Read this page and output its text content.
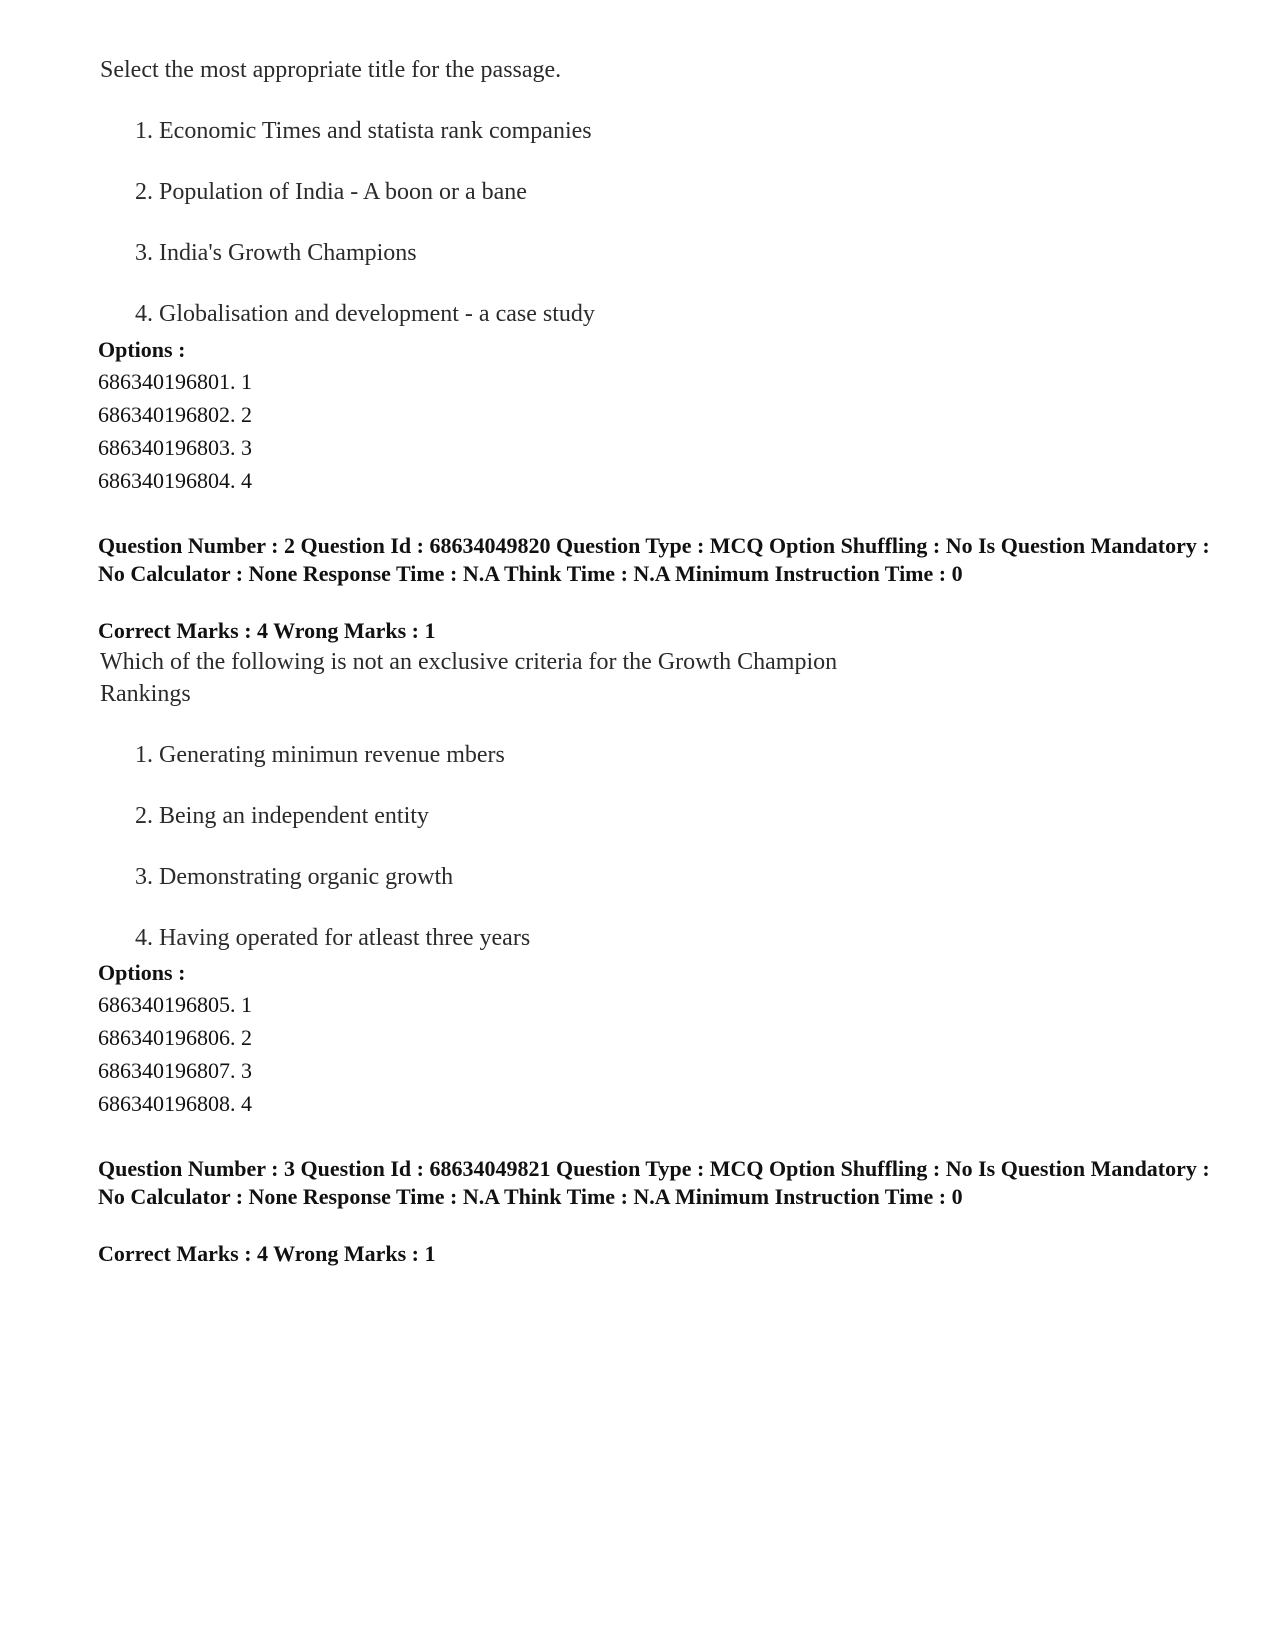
Select the most appropriate title for the passage.
1. Economic Times and statista rank companies
2. Population of India - A boon or a bane
3. India's Growth Champions
4. Globalisation and development - a case study
Options :
686340196801. 1
686340196802. 2
686340196803. 3
686340196804. 4
Question Number : 2 Question Id : 68634049820 Question Type : MCQ Option Shuffling : No Is Question Mandatory : No Calculator : None Response Time : N.A Think Time : N.A Minimum Instruction Time : 0
Correct Marks : 4 Wrong Marks : 1
Which of the following is not an exclusive criteria for the Growth Champion
Rankings
1. Generating minimun revenue mbers
2. Being an independent entity
3. Demonstrating organic growth
4. Having operated for atleast three years
Options :
686340196805. 1
686340196806. 2
686340196807. 3
686340196808. 4
Question Number : 3 Question Id : 68634049821 Question Type : MCQ Option Shuffling : No Is Question Mandatory : No Calculator : None Response Time : N.A Think Time : N.A Minimum Instruction Time : 0
Correct Marks : 4 Wrong Marks : 1
